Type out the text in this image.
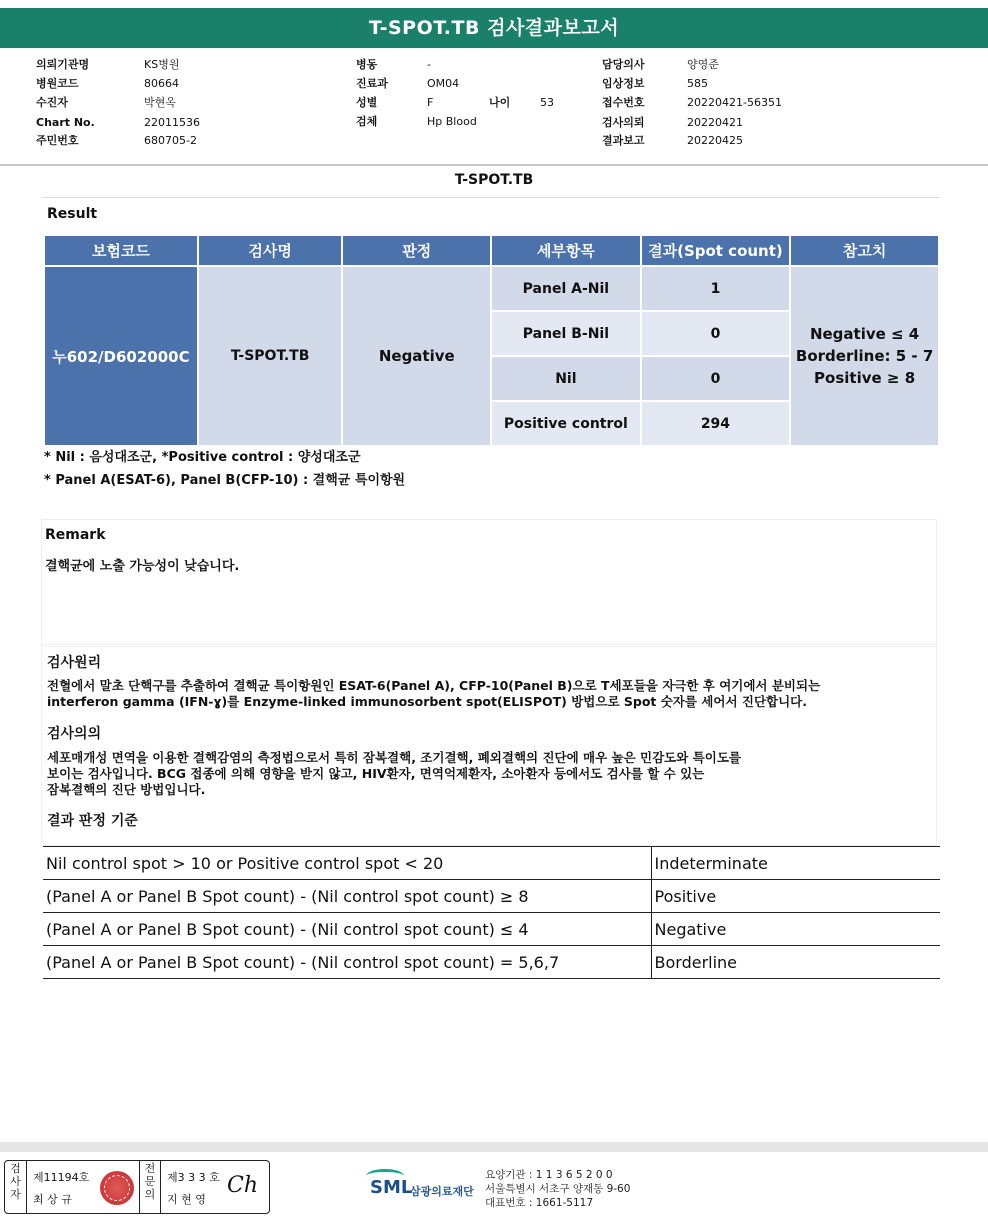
T-SPOT.TB 검사결과보고서
의뢰기관명	KS병원
병원코드	80664
수진자	박현옥
Chart No.	22011536
주민번호	680705-2
병동	-
진료과	OM04
성별	F	나이	53
검체	Hp Blood
담당의사	양영준
임상정보	585
접수번호	20220421-56351
검사의뢰	20220421
결과보고	20220425
T-SPOT.TB
Result
보험코드	검사명	판정	세부항목	결과(Spot count)	참고치
누602/D602000C	T-SPOT.TB	Negative	Panel A-Nil	1	Negative ≤ 4
Borderline: 5 - 7
Positive ≥ 8

			Panel B-Nil	0	
			Nil	0	
			Positive control	294	
* Nil : 음성대조군, *Positive control : 양성대조군
* Panel A(ESAT-6), Panel B(CFP-10) : 결핵균 특이항원
Remark
결핵균에 노출 가능성이 낮습니다.
검사원리
전혈에서 말초 단핵구를 추출하여 결핵균 특이항원인 ESAT-6(Panel A), CFP-10(Panel B)으로 T세포들을 자극한 후 여기에서 분비되는
interferon gamma (IFN-ɣ)를 Enzyme-linked immunosorbent spot(ELISPOT) 방법으로 Spot 숫자를 세어서 진단합니다.
검사의의
세포매개성 면역을 이용한 결핵감염의 측정법으로서 특히 잠복결핵, 조기결핵, 폐외결핵의 진단에 매우 높은 민감도와 특이도를
보이는 검사입니다. BCG 접종에 의해 영향을 받지 않고, HIV환자, 면역억제환자, 소아환자 등에서도 검사를 할 수 있는
잠복결핵의 진단 방법입니다.
결과 판정 기준
Nil control spot > 10 or Positive control spot < 20	Indeterminate
(Panel A or Panel B Spot count) - (Nil control spot count) ≥ 8	Positive
(Panel A or Panel B Spot count) - (Nil control spot count) ≤ 4	Negative
(Panel A or Panel B Spot count) - (Nil control spot count) = 5,6,7	Borderline
검사자
제11194호
최 상 규
전문의
제3 3 3 호
지 현 영
Ch	SML
삼광의료재단
요양기관 : 1 1 3 6 5 2 0 0
서울특별시 서초구 양재동 9-60
대표번호 : 1661-5117
